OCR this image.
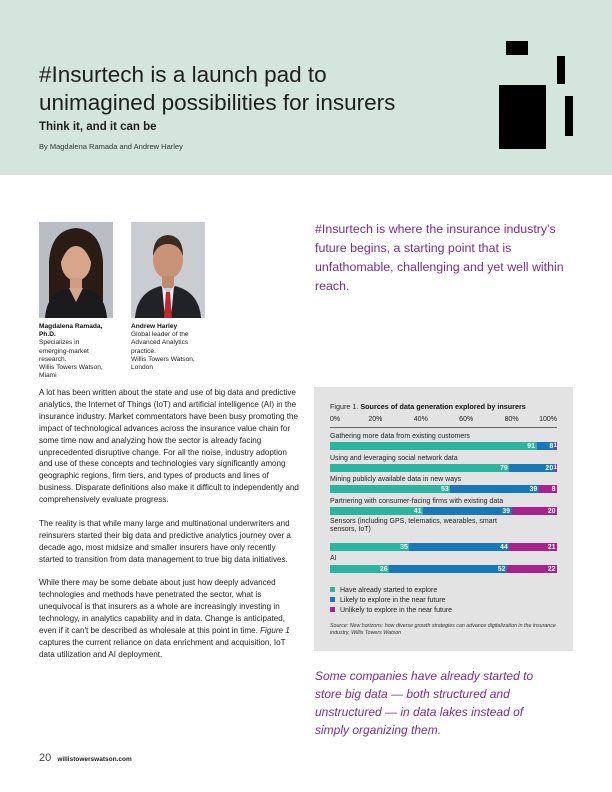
#Insurtech is a launch pad to
unimagined possibilities for insurers
Think it, and it can be
By Magdalena Ramada and Andrew Harley
Magdalena Ramada, Ph.D.
Specializes in
emerging-market
research.
Willis Towers Watson,
Miami
Andrew Harley
Global leader of the
Advanced Analytics
practice.
Willis Towers Watson,
London
#Insurtech is where the insurance industry's future begins, a starting point that is unfathomable, challenging and yet well within reach.

A lot has been written about the state and use of big data and predictive analytics, the Internet of Things (IoT) and artificial intelligence (AI) in the insurance industry. Market commentators have been busy promoting the impact of technological advances across the insurance value chain for some time now and analyzing how the sector is already facing unprecedented disruptive change. For all the noise, industry adoption and use of these concepts and technologies vary significantly among geographic regions, firm tiers, and types of products and lines of business. Disparate definitions also make it difficult to independently and comprehensively evaluate progress.

The reality is that while many large and multinational underwriters and reinsurers started their big data and predictive analytics journey over a decade ago, most midsize and smaller insurers have only recently started to transition from data management to true big data initiatives.

While there may be some debate about just how deeply advanced technologies and methods have penetrated the sector, what is unequivocal is that insurers as a whole are increasingly investing in technology, in analytics capability and in data. Change is anticipated, even if it can't be described as wholesale at this point in time. Figure 1 captures the current reliance on data enrichment and acquisition, IoT data utilization and AI deployment.

Figure 1. Sources of data generation explored by insurers
0%	20%	40%	60%	80%	100%
Gathering more data from existing customers
91 8 1
Using and leveraging social network data
79	20 1
Mining publicly available data in new ways
53	39 8
Partnering with consumer-facing firms with existing data
41	39	20
Sensors (including GPS, telematics, wearables, smart sensors, IoT)
35	44	21
AI
26	52	22
Have already started to explore
Likely to explore in the near future
Unlikely to explore in the near future
Source: New horizons: how diverse growth strategies can advance digitalization in the insurance industry, Willis Towers Watson
Some companies have already started to store big data — both structured and unstructured — in data lakes instead of simply organizing them.
20 willistowerswatson.com
